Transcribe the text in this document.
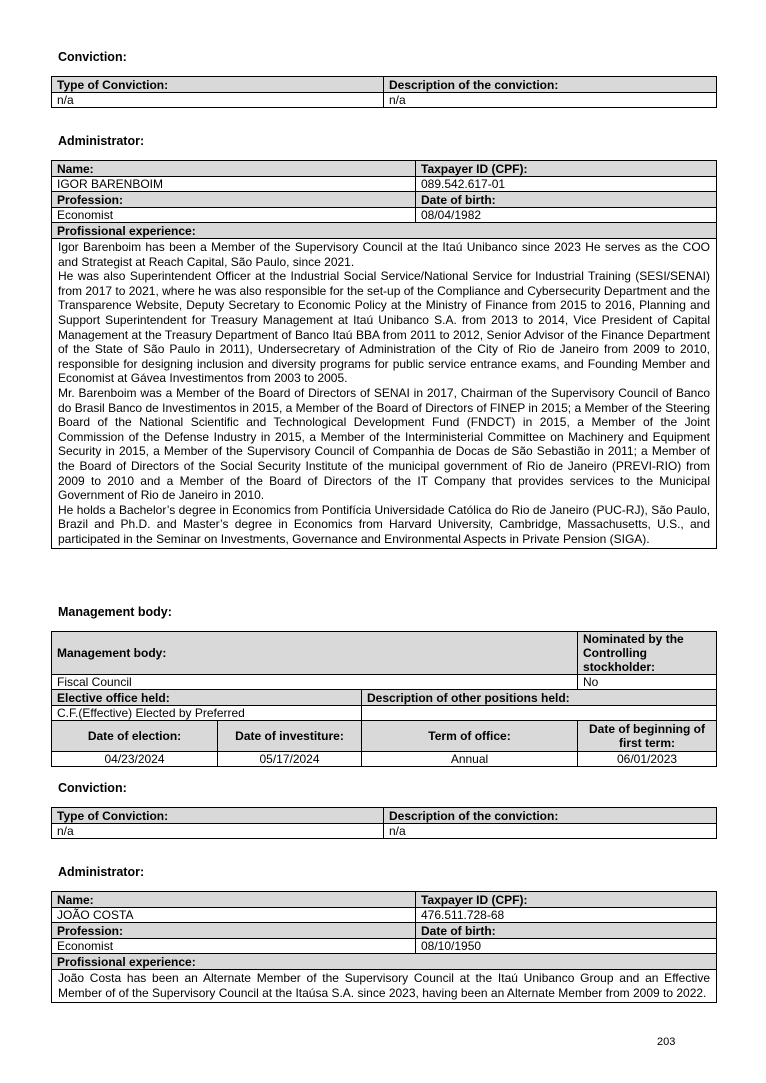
Conviction:
Type of Conviction:	Description of the conviction:
n/a	n/a
Administrator:
Name:	Taxpayer ID (CPF):
IGOR BARENBOIM	089.542.617-01
Profession:	Date of birth:
Economist	08/04/1982
Profissional experience:	

Igor Barenboim has been a Member of the Supervisory Council at the Itaú Unibanco since 2023 He serves as the COO and Strategist at Reach Capital, São Paulo, since 2021.

He was also Superintendent Officer at the Industrial Social Service/National Service for Industrial Training (SESI/SENAI) from 2017 to 2021, where he was also responsible for the set-up of the Compliance and Cybersecurity Department and the Transparence Website, Deputy Secretary to Economic Policy at the Ministry of Finance from 2015 to 2016, Planning and Support Superintendent for Treasury Management at Itaú Unibanco S.A. from 2013 to 2014, Vice President of Capital Management at the Treasury Department of Banco Itaú BBA from 2011 to 2012, Senior Advisor of the Finance Department of the State of São Paulo in 2011), Undersecretary of Administration of the City of Rio de Janeiro from 2009 to 2010, responsible for designing inclusion and diversity programs for public service entrance exams, and Founding Member and Economist at Gávea Investimentos from 2003 to 2005.

Mr. Barenboim was a Member of the Board of Directors of SENAI in 2017, Chairman of the Supervisory Council of Banco do Brasil Banco de Investimentos in 2015, a Member of the Board of Directors of FINEP in 2015; a Member of the Steering Board of the National Scientific and Technological Development Fund (FNDCT) in 2015, a Member of the Joint Commission of the Defense Industry in 2015, a Member of the Interministerial Committee on Machinery and Equipment Security in 2015, a Member of the Supervisory Council of Companhia de Docas de São Sebastião in 2011; a Member of the Board of Directors of the Social Security Institute of the municipal government of Rio de Janeiro (PREVI-RIO) from 2009 to 2010 and a Member of the Board of Directors of the IT Company that provides services to the Municipal Government of Rio de Janeiro in 2010.

He holds a Bachelor’s degree in Economics from Pontifícia Universidade Católica do Rio de Janeiro (PUC-RJ), São Paulo, Brazil and Ph.D. and Master’s degree in Economics from Harvard University, Cambridge, Massachusetts, U.S., and participated in the Seminar on Investments, Governance and Environmental Aspects in Private Pension (SIGA).	

Management body:
Management body:			Nominated by the Controlling stockholder:
Fiscal Council			No
Elective office held:		Description of other positions held:	
C.F.(Effective) Elected by Preferred			
Date of election:	Date of investiture:	Term of office:	Date of beginning of first term:
04/23/2024	05/17/2024	Annual	06/01/2023
Conviction:
Type of Conviction:	Description of the conviction:
n/a	n/a
Administrator:
Name:	Taxpayer ID (CPF):
JOÃO COSTA	476.511.728-68
Profession:	Date of birth:
Economist	08/10/1950
Profissional experience:	

João Costa has been an Alternate Member of the Supervisory Council at the Itaú Unibanco Group and an Effective Member of of the Supervisory Council at the Itaúsa S.A. since 2023, having been an Alternate Member from 2009 to 2022.	

203
